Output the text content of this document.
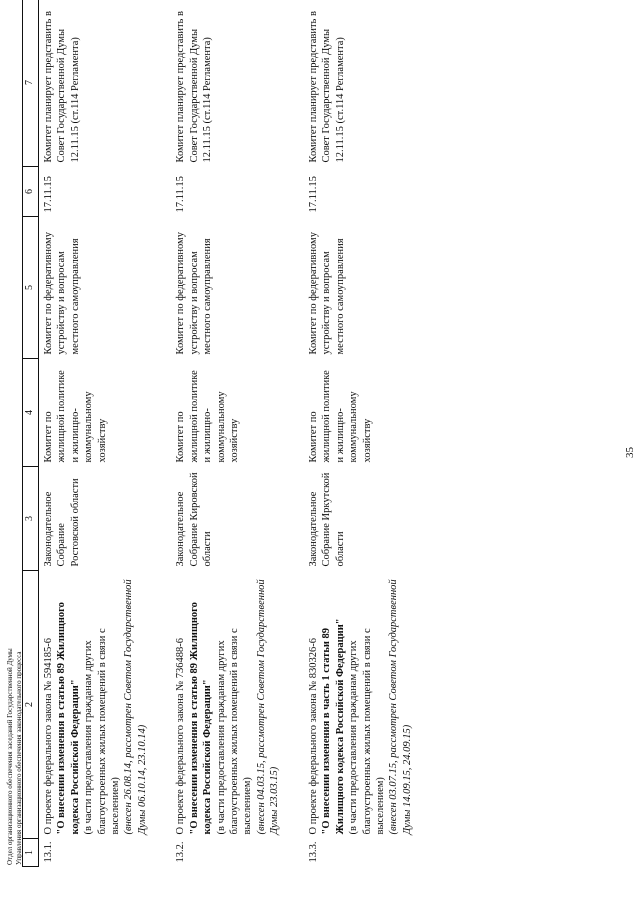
Отдел организационного обеспечения заседаний Государственной Думы Управления организационного обеспечения законодательного процесса 1	2	3	4	5	6	7
13.1.	О проекте федерального закона № 594185-6 "О внесении изменения в статью 89 Жилищного кодекса Российской Федерации" (в части предоставления гражданам других благоустроенных жилых помещений в связи с выселением) (внесен 26.08.14, рассмотрен Советом Государственной Думы 06.10.14, 23.10.14)	Законодательное Собрание Ростовской области	Комитет по жилищной политике и жилищно-коммунальному хозяйству	Комитет по федеративному устройству и вопросам местного самоуправления	17.11.15	Комитет планирует представить в Совет Государственной Думы 12.11.15 (ст.114 Регламента)
13.2.	О проекте федерального закона № 736488-6 "О внесении изменения в статью 89 Жилищного кодекса Российской Федерации" (в части предоставления гражданам других благоустроенных жилых помещений в связи с выселением) (внесен 04.03.15, рассмотрен Советом Государственной Думы 23.03.15)	Законодательное Собрание Кировской области	Комитет по жилищной политике и жилищно-коммунальному хозяйству	Комитет по федеративному устройству и вопросам местного самоуправления	17.11.15	Комитет планирует представить в Совет Государственной Думы 12.11.15 (ст.114 Регламента)
13.3.	О проекте федерального закона № 830326-6 "О внесении изменения в часть 1 статьи 89 Жилищного кодекса Российской Федерации" (в части предоставления гражданам других благоустроенных жилых помещений в связи с выселением) (внесен 03.07.15, рассмотрен Советом Государственной Думы 14.09.15, 24.09.15)	Законодательное Собрание Иркутской области	Комитет по жилищной политике и жилищно-коммунальному хозяйству	Комитет по федеративному устройству и вопросам местного самоуправления	17.11.15	Комитет планирует представить в Совет Государственной Думы 12.11.15 (ст.114 Регламента)
35
